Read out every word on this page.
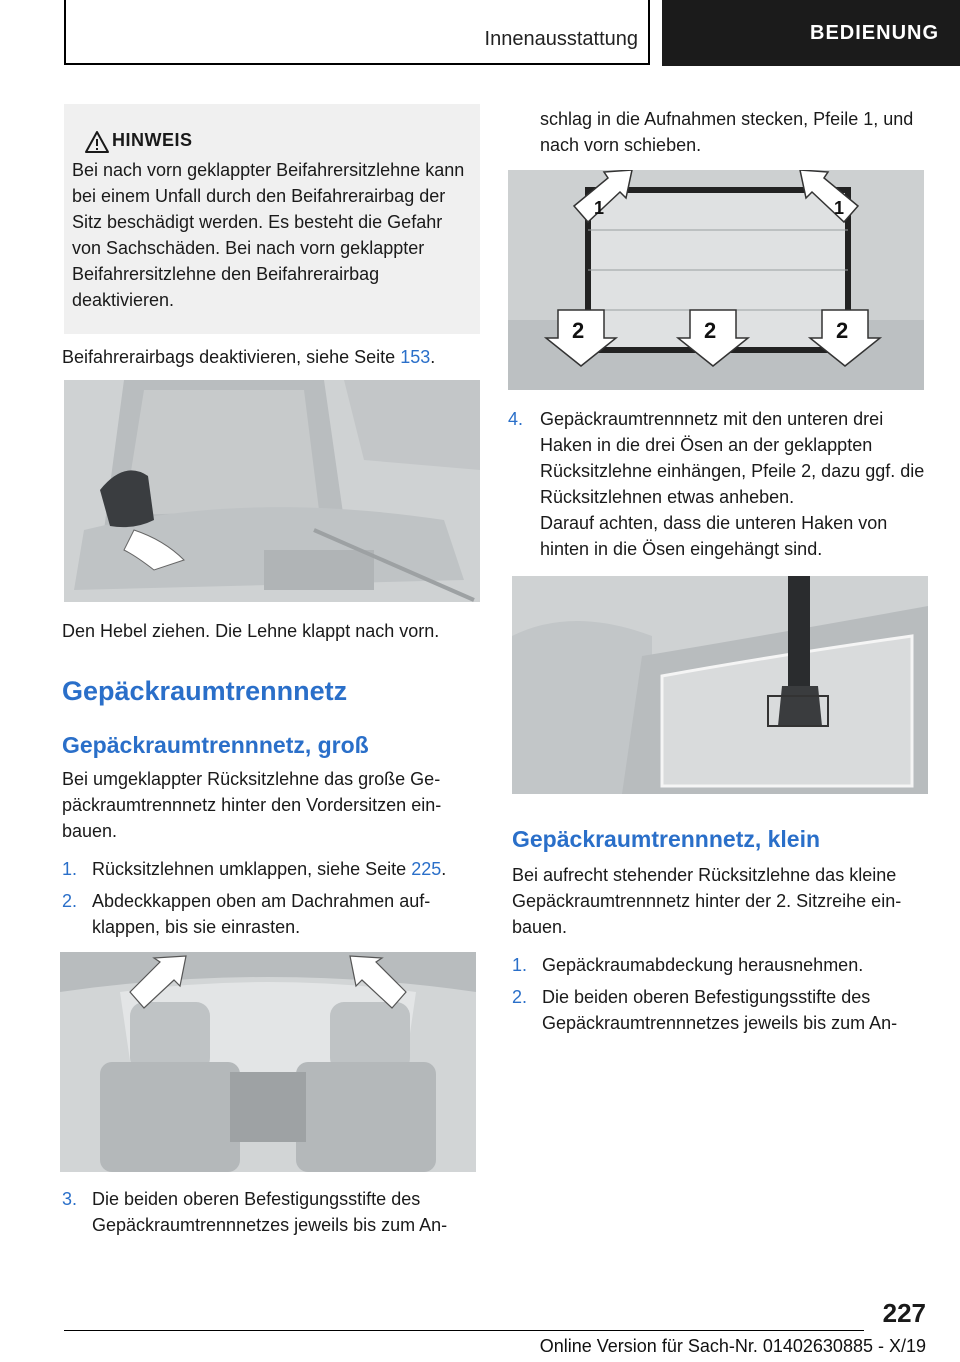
Innenausstattung	BEDIENUNG
HINWEIS
Bei nach vorn geklappter Beifahrersitzlehne kann bei einem Unfall durch den Beifahrerairbag der Sitz beschädigt werden. Es besteht die Gefahr von Sachschäden. Bei nach vorn geklappter Beifahrersitzlehne den Beifahrerairbag deaktivieren.

Beifahrerairbags deaktivieren, siehe Seite 153.

Den Hebel ziehen. Die Lehne klappt nach vorn.

Gepäckraumtrennnetz
Gepäckraumtrennnetz, groß

Bei umgeklappter Rücksitzlehne das große Gepäckraumtrennnetz hinter den Vordersitzen einbauen.

1. Rücksitzlehnen umklappen, siehe Seite 225.
2. Abdeckkappen oben am Dachrahmen aufklappen, bis sie einrasten.
3. Die beiden oberen Befestigungsstifte des Gepäckraumtrennnetzes jeweils bis zum An-

schlag in die Aufnahmen stecken, Pfeile 1, und nach vorn schieben.

1	1
2	2	2
4. Gepäckraumtrennnetz mit den unteren drei Haken in die drei Ösen an der geklappten Rücksitzlehne einhängen, Pfeile 2, dazu ggf. die Rücksitzlehnen etwas anheben.

Darauf achten, dass die unteren Haken von hinten in die Ösen eingehängt sind.

Gepäckraumtrennnetz, klein

Bei aufrecht stehender Rücksitzlehne das kleine Gepäckraumtrennnetz hinter der 2. Sitzreihe einbauen.

1. Gepäckraumabdeckung herausnehmen.
2. Die beiden oberen Befestigungsstifte des Gepäckraumtrennnetzes jeweils bis zum An-
227
Online Version für Sach-Nr. 01402630885 - X/19
